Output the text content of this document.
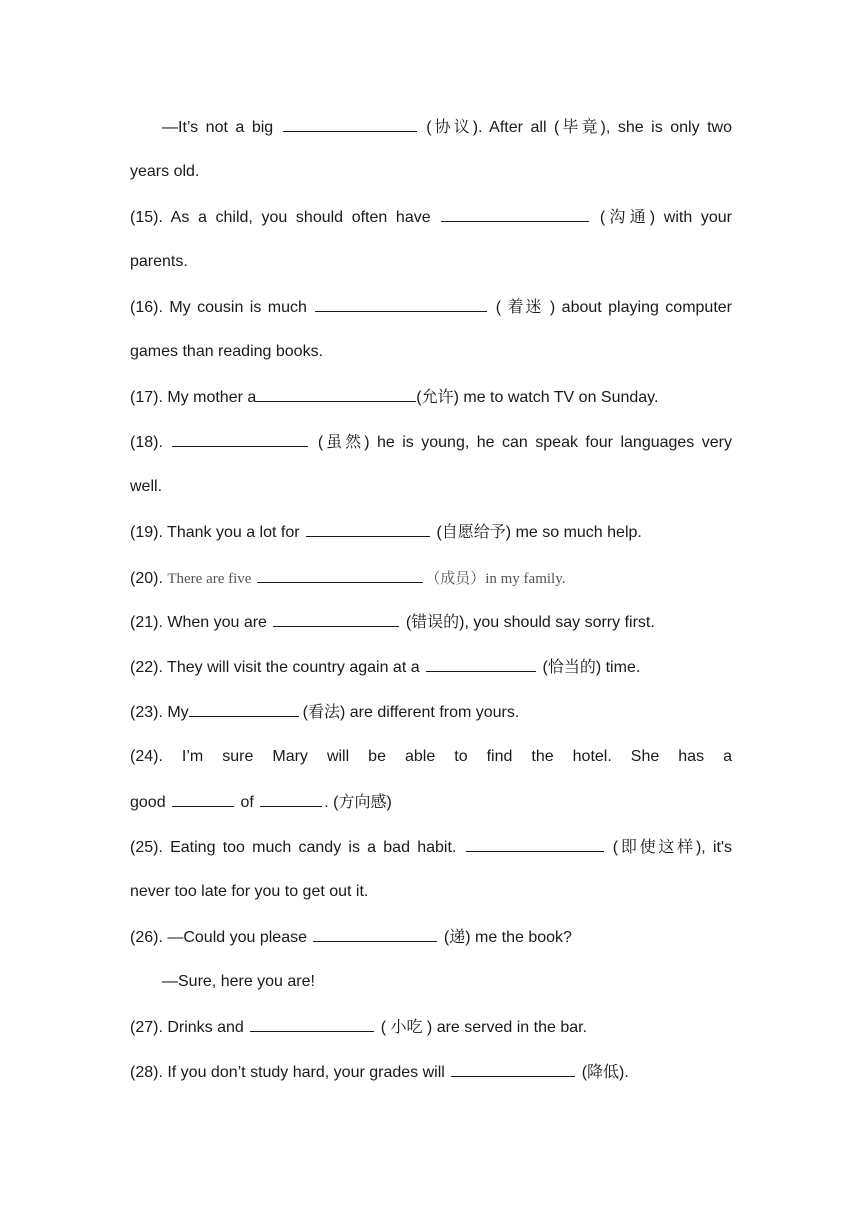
—It’s not a big	(协议). After all (毕竟), she is only two
years old.
(15). As a child, you should often have	(沟通) with your
parents.
(16). My cousin is much	( 着迷 ) about playing computer
games than reading books.
(17). My mother a	(允许) me to watch TV on Sunday.
(18).	(虽然) he is young, he can speak four languages very
well.
(19). Thank you a lot for	(自愿给予) me so much help.
(20). There are five	（成员）in my family.
(21). When you are	(错误的), you should say sorry first.
(22). They will visit the country again at a	(恰当的) time.
(23). My	(看法) are different from yours.
(24). I’m sure Mary will be able to find the hotel. She has a
good	of	. (方向感)
(25). Eating too much candy is a bad habit.	(即使这样), it's
never too late for you to get out it.
(26). —Could you please	(递) me the book?
—Sure, here you are!
(27). Drinks and	( 小吃 ) are served in the bar.
(28). If you don’t study hard, your grades will	(降低).
